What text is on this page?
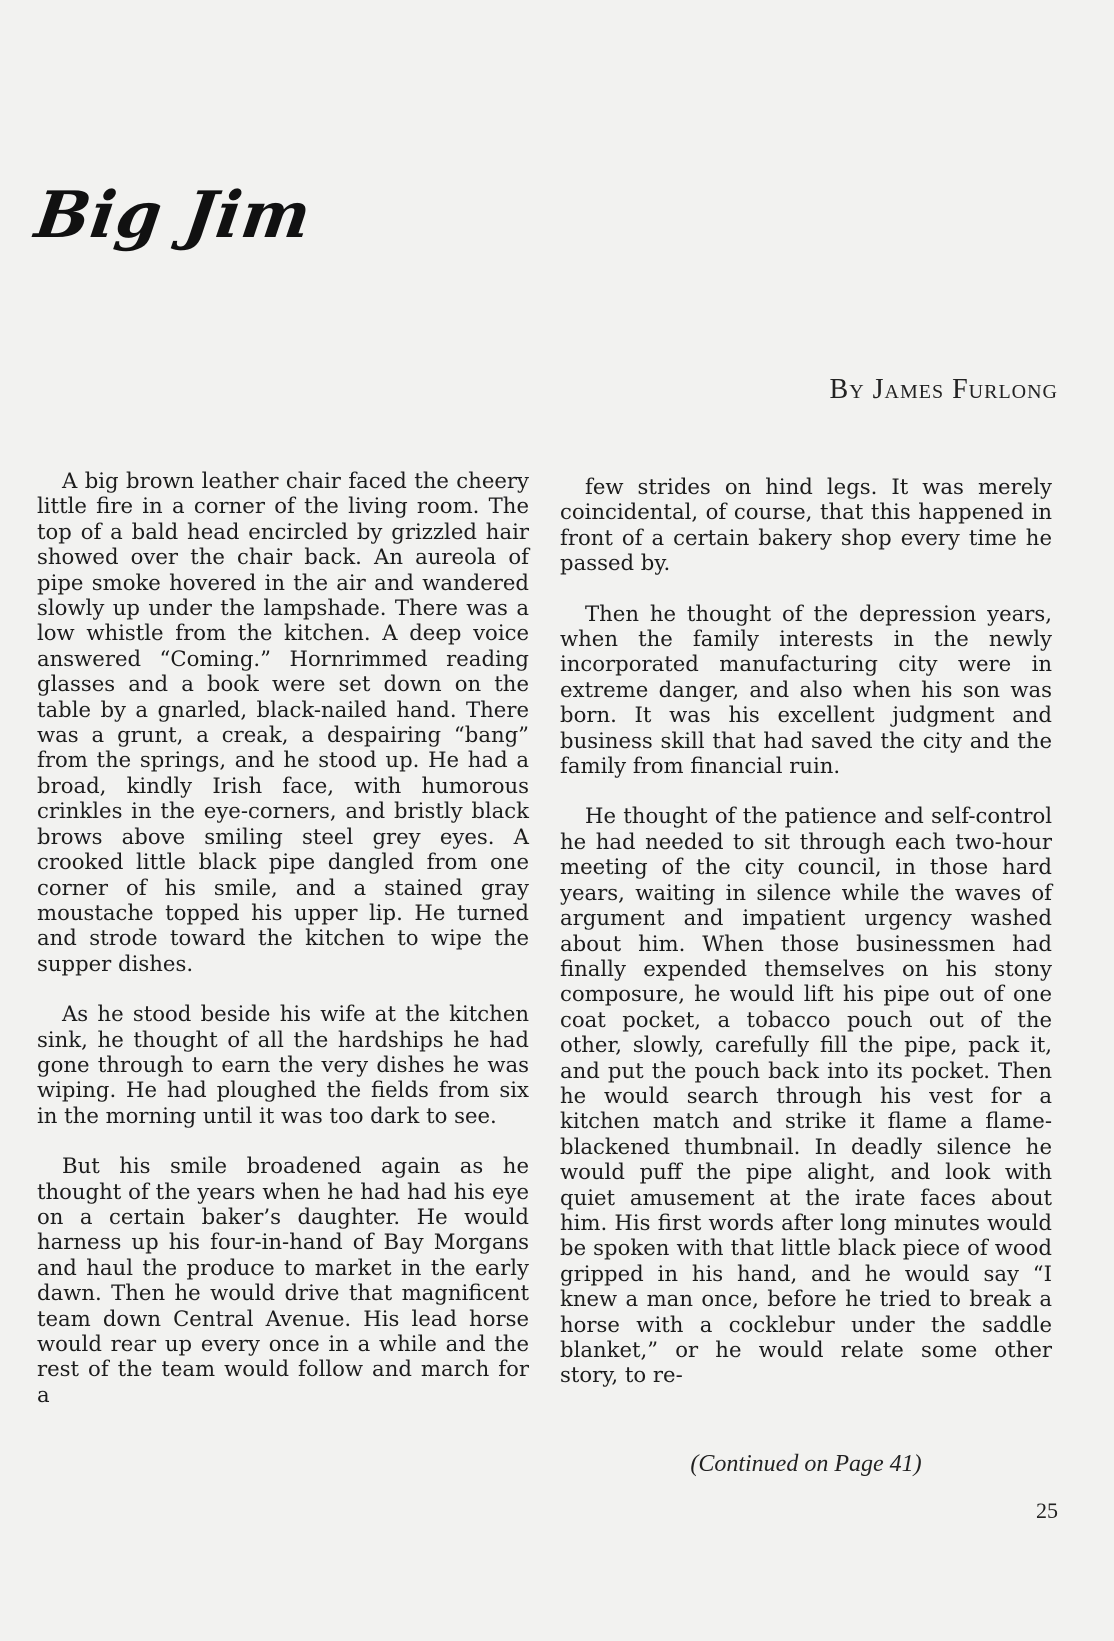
Big Jim
By James Furlong

A big brown leather chair faced the cheery little fire in a corner of the living room. The top of a bald head encircled by grizzled hair showed over the chair back. An aureola of pipe smoke hovered in the air and wandered slowly up under the lampshade. There was a low whistle from the kitchen. A deep voice answered “Coming.” Hornrimmed reading glasses and a book were set down on the table by a gnarled, black-nailed hand. There was a grunt, a creak, a despairing “bang” from the springs, and he stood up. He had a broad, kindly Irish face, with humorous crinkles in the eye-corners, and bristly black brows above smiling steel grey eyes. A crooked little black pipe dangled from one corner of his smile, and a stained gray moustache topped his upper lip. He turned and strode toward the kitchen to wipe the supper dishes.

As he stood beside his wife at the kitchen sink, he thought of all the hardships he had gone through to earn the very dishes he was wiping. He had ploughed the fields from six in the morning until it was too dark to see.

But his smile broadened again as he thought of the years when he had had his eye on a certain baker’s daughter. He would harness up his four-in-hand of Bay Morgans and haul the produce to market in the early dawn. Then he would drive that magnificent team down Central Avenue. His lead horse would rear up every once in a while and the rest of the team would follow and march for a

few strides on hind legs. It was merely coincidental, of course, that this happened in front of a certain bakery shop every time he passed by.

Then he thought of the depression years, when the family interests in the newly incorporated manufacturing city were in extreme danger, and also when his son was born. It was his excellent judgment and business skill that had saved the city and the family from financial ruin.

He thought of the patience and self-control he had needed to sit through each two-hour meeting of the city council, in those hard years, waiting in silence while the waves of argument and impatient urgency washed about him. When those businessmen had finally expended themselves on his stony composure, he would lift his pipe out of one coat pocket, a tobacco pouch out of the other, slowly, carefully fill the pipe, pack it, and put the pouch back into its pocket. Then he would search through his vest for a kitchen match and strike it flame a flame-blackened thumbnail. In deadly silence he would puff the pipe alight, and look with quiet amusement at the irate faces about him. His first words after long minutes would be spoken with that little black piece of wood gripped in his hand, and he would say “I knew a man once, before he tried to break a horse with a cocklebur under the saddle blanket,” or he would relate some other story, to re-

(Continued on Page 41)
25
